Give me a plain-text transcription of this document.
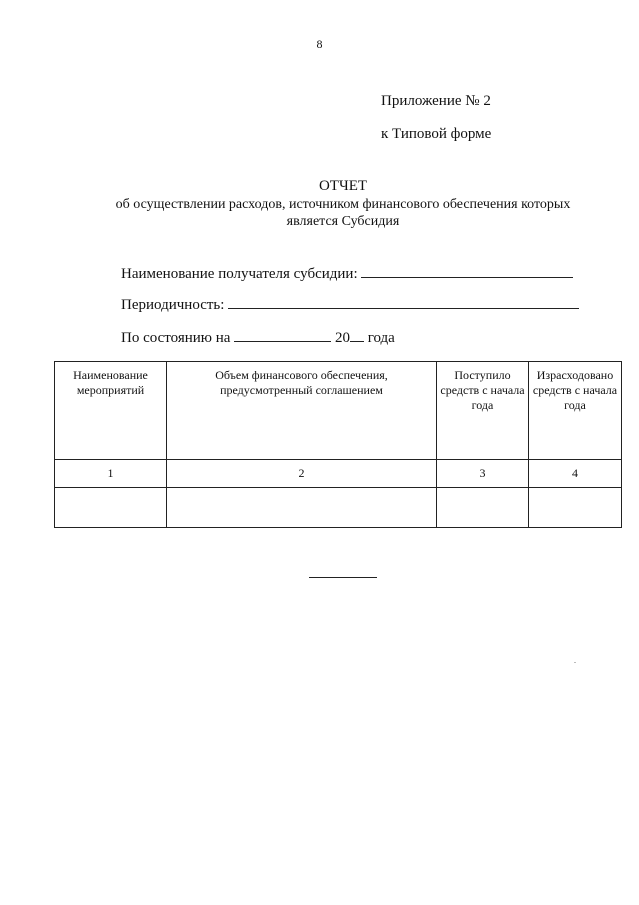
8
Приложение № 2
к Типовой форме
ОТЧЕТ
об осуществлении расходов, источником финансового обеспечения которых
является Субсидия
Наименование получателя субсидии:
Периодичность:
По состоянию на	20 года
Наименование мероприятий	Объем финансового обеспечения, предусмотренный соглашением	Поступило средств с начала года	Израсходовано средств с начала года
1	2	3	4
